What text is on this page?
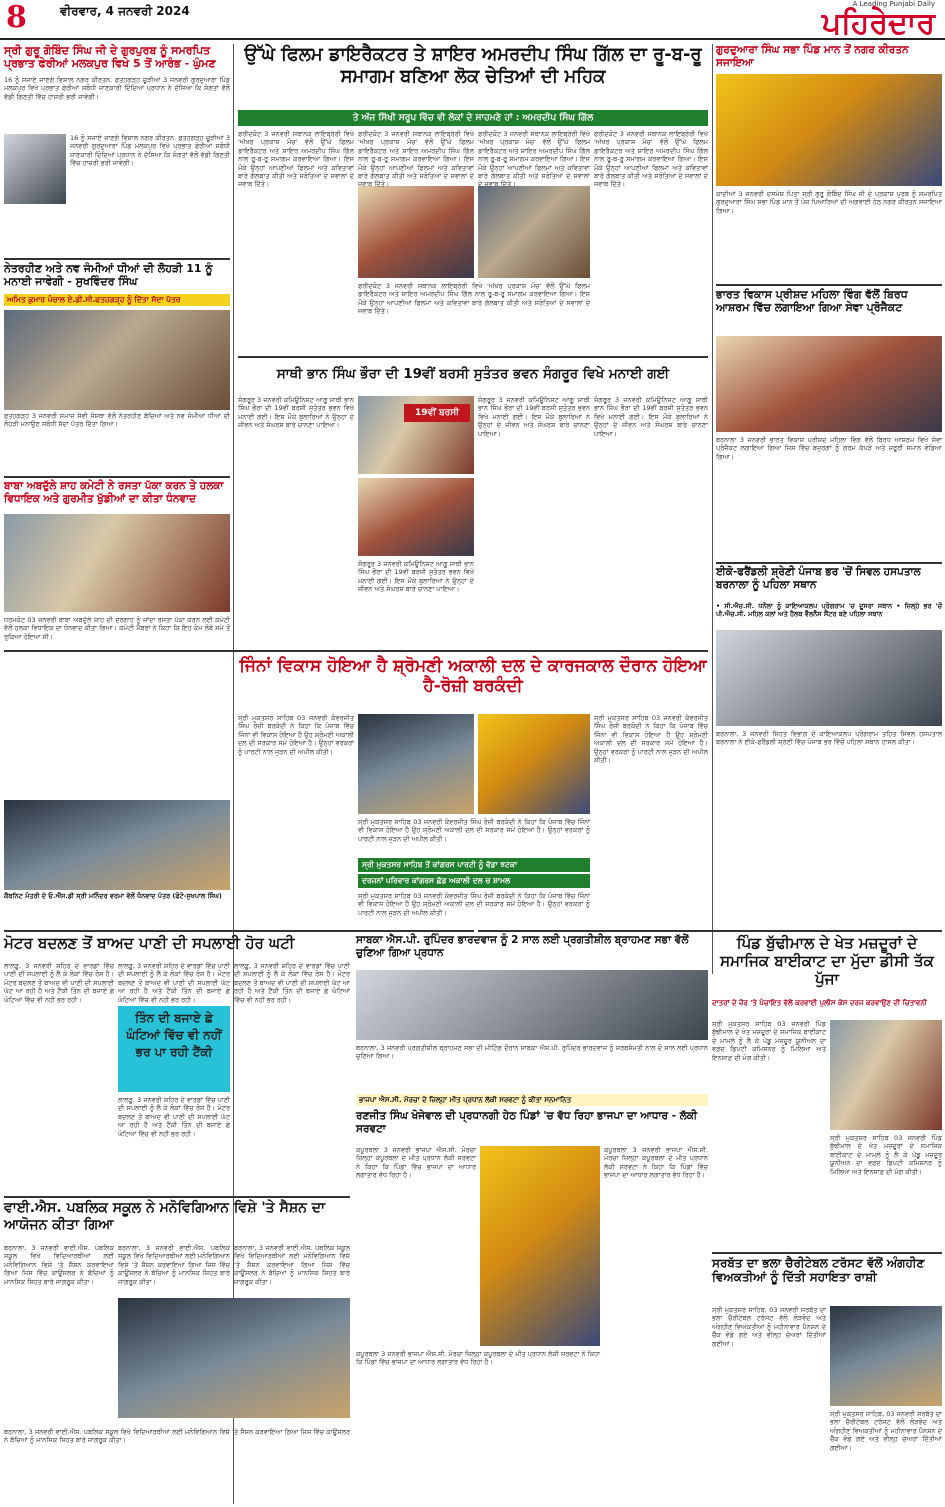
8	ਵੀਰਵਾਰ, 4 ਜਨਵਰੀ 2024	A Leading Punjabi Daily
ਪਹਿਰੇਦਾਰ
ਸ੍ਰੀ ਗੁਰੂ ਗੋਬਿੰਦ ਸਿੰਘ ਜੀ ਦੇ ਗੁਰਪੁਰਬ ਨੂੰ ਸਮਰਪਿਤ ਪ੍ਰਭਾਤ ਫੇਰੀਆਂ ਮਲਕਪੁਰ ਵਿਖੇ 5 ਤੋਂ ਆਰੰਭ - ਘੁੰਮਣ
16 ਨੂੰ ਸਜਾਏ ਜਾਣਗੇ ਵਿਸ਼ਾਲ ਨਗਰ ਕੀਰਤਨ. ਫਤਹਗੜ੍ਹ ਚੂੜੀਆਂ 3 ਜਨਵਰੀ ਗੁਰਦੁਆਰਾ ਪਿੰਡ ਮਲਕਪੁਰ ਵਿਖੇ ਪ੍ਰਭਾਤ ਫੇਰੀਆਂ ਸਬੰਧੀ ਜਾਣਕਾਰੀ ਦਿੰਦਿਆਂ ਪ੍ਰਧਾਨ ਨੇ ਦੱਸਿਆ ਕਿ ਸੰਗਤਾਂ ਵੱਲੋਂ ਵੱਡੀ ਗਿਣਤੀ ਵਿੱਚ ਹਾਜ਼ਰੀ ਭਰੀ ਜਾਵੇਗੀ।
16 ਨੂੰ ਸਜਾਏ ਜਾਣਗੇ ਵਿਸ਼ਾਲ ਨਗਰ ਕੀਰਤਨ. ਫਤਹਗੜ੍ਹ ਚੂੜੀਆਂ 3 ਜਨਵਰੀ ਗੁਰਦੁਆਰਾ ਪਿੰਡ ਮਲਕਪੁਰ ਵਿਖੇ ਪ੍ਰਭਾਤ ਫੇਰੀਆਂ ਸਬੰਧੀ ਜਾਣਕਾਰੀ ਦਿੰਦਿਆਂ ਪ੍ਰਧਾਨ ਨੇ ਦੱਸਿਆ ਕਿ ਸੰਗਤਾਂ ਵੱਲੋਂ ਵੱਡੀ ਗਿਣਤੀ ਵਿੱਚ ਹਾਜ਼ਰੀ ਭਰੀ ਜਾਵੇਗੀ।
ਨੇਤਰਹੀਣ ਅਤੇ ਨਵ ਜੰਮੀਆਂ ਧੀਆਂ ਦੀ ਲੋਹੜੀ 11 ਨੂੰ ਮਨਾਈ ਜਾਵੇਗੀ - ਸੁਖਵਿੰਦਰ ਸਿੰਘ
ਅਮਿਤ ਕੁਮਾਰ ਪੰਚਾਲ ਏ.ਡੀ.ਸੀ.ਫਤਹਗੜ੍ਹ ਨੂੰ ਦਿੱਤਾ ਸੱਦਾ ਪੱਤਰ
ਫਤਹਗੜ੍ਹ 3 ਜਨਵਰੀ ਸਮਾਜ ਸੇਵੀ ਸੰਸਥਾ ਵੱਲੋਂ ਨੇਤਰਹੀਣ ਬੱਚਿਆਂ ਅਤੇ ਨਵ ਜੰਮੀਆਂ ਧੀਆਂ ਦੀ ਲੋਹੜੀ ਮਨਾਉਣ ਸਬੰਧੀ ਸੱਦਾ ਪੱਤਰ ਦਿੱਤਾ ਗਿਆ।
ਬਾਬਾ ਅਬਦੁੱਲੇ ਸ਼ਾਹ ਕਮੇਟੀ ਨੇ ਰਸਤਾ ਪੱਕਾ ਕਰਨ ਤੇ ਹਲਕਾ ਵਿਧਾਇਕ ਅਤੇ ਗੁਰਮੀਤ ਖੁੱਡੀਆਂ ਦਾ ਕੀਤਾ ਧੰਨਵਾਦ
ਧਰਮਕੋਟ 03 ਜਨਵਰੀ ਬਾਬਾ ਅਬਦੁੱਲੇ ਸ਼ਾਹ ਦੀ ਦਰਗਾਹ ਨੂੰ ਜਾਂਦਾ ਰਸਤਾ ਪੱਕਾ ਕਰਨ ਲਈ ਕਮੇਟੀ ਵੱਲੋਂ ਹਲਕਾ ਵਿਧਾਇਕ ਦਾ ਧੰਨਵਾਦ ਕੀਤਾ ਗਿਆ। ਕਮੇਟੀ ਮੈਂਬਰਾਂ ਨੇ ਕਿਹਾ ਕਿ ਇਹ ਕੰਮ ਲੰਬੇ ਸਮੇਂ ਤੋਂ ਰੁਕਿਆ ਹੋਇਆ ਸੀ।
ਕੈਬਨਿਟ ਮੰਤਰੀ ਦੇ ਓ.ਐੱਸ.ਡੀ ਸ੍ਰੀ ਮਨਿੰਦਰ ਵਰਮਾ ਵੱਲੋਂ ਧੰਨਵਾਦ ਪੱਤਰ (ਫੋਟੋ-ਸੁਖਪਾਲ ਸਿੰਘ)
ਉੱਘੇ ਫਿਲਮ ਡਾਇਰੈਕਟਰ ਤੇ ਸ਼ਾਇਰ ਅਮਰਦੀਪ ਸਿੰਘ ਗਿੱਲ ਦਾ ਰੂ-ਬ-ਰੂ ਸਮਾਗਮ ਬਣਿਆ ਲੋਕ ਚੇਤਿਆਂ ਦੀ ਮਹਿਕ
ਤੇ ਅੱਜ ਸਿੱਖੀ ਸਰੂਪ ਵਿੱਚ ਵੀ ਲੋਕਾਂ ਦੇ ਸਾਹਮਣੇ ਹਾਂ : ਅਮਰਦੀਪ ਸਿੰਘ ਗਿੱਲ
ਫਰੀਦਕੋਟ 3 ਜਨਵਰੀ ਸਥਾਨਕ ਲਾਇਬ੍ਰੇਰੀ ਵਿਖੇ 'ਅੱਖਰ ਪ੍ਰਕਾਸ਼ ਮੰਚ' ਵੱਲੋਂ ਉੱਘੇ ਫਿਲਮ ਡਾਇਰੈਕਟਰ ਅਤੇ ਸ਼ਾਇਰ ਅਮਰਦੀਪ ਸਿੰਘ ਗਿੱਲ ਨਾਲ ਰੂ-ਬ-ਰੂ ਸਮਾਗਮ ਕਰਵਾਇਆ ਗਿਆ। ਇਸ ਮੌਕੇ ਉਨ੍ਹਾਂ ਆਪਣੀਆਂ ਫਿਲਮਾਂ ਅਤੇ ਕਵਿਤਾਵਾਂ ਬਾਰੇ ਗੱਲਬਾਤ ਕੀਤੀ ਅਤੇ ਸਰੋਤਿਆਂ ਦੇ ਸਵਾਲਾਂ ਦੇ ਜਵਾਬ ਦਿੱਤੇ।
ਫਰੀਦਕੋਟ 3 ਜਨਵਰੀ ਸਥਾਨਕ ਲਾਇਬ੍ਰੇਰੀ ਵਿਖੇ 'ਅੱਖਰ ਪ੍ਰਕਾਸ਼ ਮੰਚ' ਵੱਲੋਂ ਉੱਘੇ ਫਿਲਮ ਡਾਇਰੈਕਟਰ ਅਤੇ ਸ਼ਾਇਰ ਅਮਰਦੀਪ ਸਿੰਘ ਗਿੱਲ ਨਾਲ ਰੂ-ਬ-ਰੂ ਸਮਾਗਮ ਕਰਵਾਇਆ ਗਿਆ। ਇਸ ਮੌਕੇ ਉਨ੍ਹਾਂ ਆਪਣੀਆਂ ਫਿਲਮਾਂ ਅਤੇ ਕਵਿਤਾਵਾਂ ਬਾਰੇ ਗੱਲਬਾਤ ਕੀਤੀ ਅਤੇ ਸਰੋਤਿਆਂ ਦੇ ਸਵਾਲਾਂ ਦੇ ਜਵਾਬ ਦਿੱਤੇ।
ਫਰੀਦਕੋਟ 3 ਜਨਵਰੀ ਸਥਾਨਕ ਲਾਇਬ੍ਰੇਰੀ ਵਿਖੇ 'ਅੱਖਰ ਪ੍ਰਕਾਸ਼ ਮੰਚ' ਵੱਲੋਂ ਉੱਘੇ ਫਿਲਮ ਡਾਇਰੈਕਟਰ ਅਤੇ ਸ਼ਾਇਰ ਅਮਰਦੀਪ ਸਿੰਘ ਗਿੱਲ ਨਾਲ ਰੂ-ਬ-ਰੂ ਸਮਾਗਮ ਕਰਵਾਇਆ ਗਿਆ। ਇਸ ਮੌਕੇ ਉਨ੍ਹਾਂ ਆਪਣੀਆਂ ਫਿਲਮਾਂ ਅਤੇ ਕਵਿਤਾਵਾਂ ਬਾਰੇ ਗੱਲਬਾਤ ਕੀਤੀ ਅਤੇ ਸਰੋਤਿਆਂ ਦੇ ਸਵਾਲਾਂ ਦੇ ਜਵਾਬ ਦਿੱਤੇ।
ਫਰੀਦਕੋਟ 3 ਜਨਵਰੀ ਸਥਾਨਕ ਲਾਇਬ੍ਰੇਰੀ ਵਿਖੇ 'ਅੱਖਰ ਪ੍ਰਕਾਸ਼ ਮੰਚ' ਵੱਲੋਂ ਉੱਘੇ ਫਿਲਮ ਡਾਇਰੈਕਟਰ ਅਤੇ ਸ਼ਾਇਰ ਅਮਰਦੀਪ ਸਿੰਘ ਗਿੱਲ ਨਾਲ ਰੂ-ਬ-ਰੂ ਸਮਾਗਮ ਕਰਵਾਇਆ ਗਿਆ। ਇਸ ਮੌਕੇ ਉਨ੍ਹਾਂ ਆਪਣੀਆਂ ਫਿਲਮਾਂ ਅਤੇ ਕਵਿਤਾਵਾਂ ਬਾਰੇ ਗੱਲਬਾਤ ਕੀਤੀ ਅਤੇ ਸਰੋਤਿਆਂ ਦੇ ਸਵਾਲਾਂ ਦੇ ਜਵਾਬ ਦਿੱਤੇ।
ਫਰੀਦਕੋਟ 3 ਜਨਵਰੀ ਸਥਾਨਕ ਲਾਇਬ੍ਰੇਰੀ ਵਿਖੇ 'ਅੱਖਰ ਪ੍ਰਕਾਸ਼ ਮੰਚ' ਵੱਲੋਂ ਉੱਘੇ ਫਿਲਮ ਡਾਇਰੈਕਟਰ ਅਤੇ ਸ਼ਾਇਰ ਅਮਰਦੀਪ ਸਿੰਘ ਗਿੱਲ ਨਾਲ ਰੂ-ਬ-ਰੂ ਸਮਾਗਮ ਕਰਵਾਇਆ ਗਿਆ। ਇਸ ਮੌਕੇ ਉਨ੍ਹਾਂ ਆਪਣੀਆਂ ਫਿਲਮਾਂ ਅਤੇ ਕਵਿਤਾਵਾਂ ਬਾਰੇ ਗੱਲਬਾਤ ਕੀਤੀ ਅਤੇ ਸਰੋਤਿਆਂ ਦੇ ਸਵਾਲਾਂ ਦੇ ਜਵਾਬ ਦਿੱਤੇ।
ਸਾਥੀ ਭਾਨ ਸਿੰਘ ਭੌਰਾ ਦੀ 19ਵੀਂ ਬਰਸੀ ਸੁਤੰਤਰ ਭਵਨ ਸੰਗਰੂਰ ਵਿਖੇ ਮਨਾਈ ਗਈ
ਸੰਗਰੂਰ 3 ਜਨਵਰੀ ਕਮਿਊਨਿਸਟ ਆਗੂ ਸਾਥੀ ਭਾਨ ਸਿੰਘ ਭੌਰਾ ਦੀ 19ਵੀਂ ਬਰਸੀ ਸੁਤੰਤਰ ਭਵਨ ਵਿਖੇ ਮਨਾਈ ਗਈ। ਇਸ ਮੌਕੇ ਬੁਲਾਰਿਆਂ ਨੇ ਉਨ੍ਹਾਂ ਦੇ ਜੀਵਨ ਅਤੇ ਸੰਘਰਸ਼ ਬਾਰੇ ਚਾਨਣਾ ਪਾਇਆ।
19ਵੀਂ ਬਰਸੀ
ਸੰਗਰੂਰ 3 ਜਨਵਰੀ ਕਮਿਊਨਿਸਟ ਆਗੂ ਸਾਥੀ ਭਾਨ ਸਿੰਘ ਭੌਰਾ ਦੀ 19ਵੀਂ ਬਰਸੀ ਸੁਤੰਤਰ ਭਵਨ ਵਿਖੇ ਮਨਾਈ ਗਈ। ਇਸ ਮੌਕੇ ਬੁਲਾਰਿਆਂ ਨੇ ਉਨ੍ਹਾਂ ਦੇ ਜੀਵਨ ਅਤੇ ਸੰਘਰਸ਼ ਬਾਰੇ ਚਾਨਣਾ ਪਾਇਆ।
ਸੰਗਰੂਰ 3 ਜਨਵਰੀ ਕਮਿਊਨਿਸਟ ਆਗੂ ਸਾਥੀ ਭਾਨ ਸਿੰਘ ਭੌਰਾ ਦੀ 19ਵੀਂ ਬਰਸੀ ਸੁਤੰਤਰ ਭਵਨ ਵਿਖੇ ਮਨਾਈ ਗਈ। ਇਸ ਮੌਕੇ ਬੁਲਾਰਿਆਂ ਨੇ ਉਨ੍ਹਾਂ ਦੇ ਜੀਵਨ ਅਤੇ ਸੰਘਰਸ਼ ਬਾਰੇ ਚਾਨਣਾ ਪਾਇਆ।
ਸੰਗਰੂਰ 3 ਜਨਵਰੀ ਕਮਿਊਨਿਸਟ ਆਗੂ ਸਾਥੀ ਭਾਨ ਸਿੰਘ ਭੌਰਾ ਦੀ 19ਵੀਂ ਬਰਸੀ ਸੁਤੰਤਰ ਭਵਨ ਵਿਖੇ ਮਨਾਈ ਗਈ। ਇਸ ਮੌਕੇ ਬੁਲਾਰਿਆਂ ਨੇ ਉਨ੍ਹਾਂ ਦੇ ਜੀਵਨ ਅਤੇ ਸੰਘਰਸ਼ ਬਾਰੇ ਚਾਨਣਾ ਪਾਇਆ।
ਜਿੰਨਾਂ ਵਿਕਾਸ ਹੋਇਆ ਹੈ ਸ਼੍ਰੋਮਣੀ ਅਕਾਲੀ ਦਲ ਦੇ ਕਾਰਜਕਾਲ ਦੌਰਾਨ ਹੋਇਆ ਹੈ-ਰੋਜ਼ੀ ਬਰਕੰਦੀ
ਸ੍ਰੀ ਮੁਕਤਸਰ ਸਾਹਿਬ 03 ਜਨਵਰੀ ਕੰਵਰਜੀਤ ਸਿੰਘ ਰੋਜ਼ੀ ਬਰਕੰਦੀ ਨੇ ਕਿਹਾ ਕਿ ਪੰਜਾਬ ਵਿੱਚ ਜਿੰਨਾਂ ਵੀ ਵਿਕਾਸ ਹੋਇਆ ਹੈ ਉਹ ਸ਼੍ਰੋਮਣੀ ਅਕਾਲੀ ਦਲ ਦੀ ਸਰਕਾਰ ਸਮੇਂ ਹੋਇਆ ਹੈ। ਉਨ੍ਹਾਂ ਵਰਕਰਾਂ ਨੂੰ ਪਾਰਟੀ ਨਾਲ ਜੁੜਨ ਦੀ ਅਪੀਲ ਕੀਤੀ।
ਸ੍ਰੀ ਮੁਕਤਸਰ ਸਾਹਿਬ 03 ਜਨਵਰੀ ਕੰਵਰਜੀਤ ਸਿੰਘ ਰੋਜ਼ੀ ਬਰਕੰਦੀ ਨੇ ਕਿਹਾ ਕਿ ਪੰਜਾਬ ਵਿੱਚ ਜਿੰਨਾਂ ਵੀ ਵਿਕਾਸ ਹੋਇਆ ਹੈ ਉਹ ਸ਼੍ਰੋਮਣੀ ਅਕਾਲੀ ਦਲ ਦੀ ਸਰਕਾਰ ਸਮੇਂ ਹੋਇਆ ਹੈ। ਉਨ੍ਹਾਂ ਵਰਕਰਾਂ ਨੂੰ ਪਾਰਟੀ ਨਾਲ ਜੁੜਨ ਦੀ ਅਪੀਲ ਕੀਤੀ।
ਸ੍ਰੀ ਮੁਕਤਸਰ ਸਾਹਿਬ 03 ਜਨਵਰੀ ਕੰਵਰਜੀਤ ਸਿੰਘ ਰੋਜ਼ੀ ਬਰਕੰਦੀ ਨੇ ਕਿਹਾ ਕਿ ਪੰਜਾਬ ਵਿੱਚ ਜਿੰਨਾਂ ਵੀ ਵਿਕਾਸ ਹੋਇਆ ਹੈ ਉਹ ਸ਼੍ਰੋਮਣੀ ਅਕਾਲੀ ਦਲ ਦੀ ਸਰਕਾਰ ਸਮੇਂ ਹੋਇਆ ਹੈ। ਉਨ੍ਹਾਂ ਵਰਕਰਾਂ ਨੂੰ ਪਾਰਟੀ ਨਾਲ ਜੁੜਨ ਦੀ ਅਪੀਲ ਕੀਤੀ।
ਸ੍ਰੀ ਮੁਕਤਸਰ ਸਾਹਿਬ ਤੋਂ ਕਾਂਗਰਸ ਪਾਰਟੀ ਨੂੰ ਵੱਡਾ ਝਟਕਾ
ਦਰਜਨਾਂ ਪਰਿਵਾਰ ਕਾਂਗਰਸ ਛੱਡ ਅਕਾਲੀ ਦਲ ਚ ਸ਼ਾਮਲ
ਸ੍ਰੀ ਮੁਕਤਸਰ ਸਾਹਿਬ 03 ਜਨਵਰੀ ਕੰਵਰਜੀਤ ਸਿੰਘ ਰੋਜ਼ੀ ਬਰਕੰਦੀ ਨੇ ਕਿਹਾ ਕਿ ਪੰਜਾਬ ਵਿੱਚ ਜਿੰਨਾਂ ਵੀ ਵਿਕਾਸ ਹੋਇਆ ਹੈ ਉਹ ਸ਼੍ਰੋਮਣੀ ਅਕਾਲੀ ਦਲ ਦੀ ਸਰਕਾਰ ਸਮੇਂ ਹੋਇਆ ਹੈ। ਉਨ੍ਹਾਂ ਵਰਕਰਾਂ ਨੂੰ ਪਾਰਟੀ ਨਾਲ ਜੁੜਨ ਦੀ ਅਪੀਲ ਕੀਤੀ।
ਮੋਟਰ ਬਦਲਣ ਤੋਂ ਬਾਅਦ ਪਾਣੀ ਦੀ ਸਪਲਾਈ ਹੋਰ ਘਟੀ
ਲਾਲੜੂ, 3 ਜਨਵਰੀ ਸ਼ਹਿਰ ਦੇ ਵਾਰਡਾਂ ਵਿੱਚ ਪਾਣੀ ਦੀ ਸਪਲਾਈ ਨੂੰ ਲੈ ਕੇ ਲੋਕਾਂ ਵਿੱਚ ਰੋਸ ਹੈ। ਮੋਟਰ ਬਦਲਣ ਤੋਂ ਬਾਅਦ ਵੀ ਪਾਣੀ ਦੀ ਸਪਲਾਈ ਘੱਟ ਆ ਰਹੀ ਹੈ ਅਤੇ ਟੈਂਕੀ ਤਿੰਨ ਦੀ ਬਜਾਏ ਛੇ ਘੰਟਿਆਂ ਵਿੱਚ ਵੀ ਨਹੀਂ ਭਰ ਰਹੀ।
ਲਾਲੜੂ, 3 ਜਨਵਰੀ ਸ਼ਹਿਰ ਦੇ ਵਾਰਡਾਂ ਵਿੱਚ ਪਾਣੀ ਦੀ ਸਪਲਾਈ ਨੂੰ ਲੈ ਕੇ ਲੋਕਾਂ ਵਿੱਚ ਰੋਸ ਹੈ। ਮੋਟਰ ਬਦਲਣ ਤੋਂ ਬਾਅਦ ਵੀ ਪਾਣੀ ਦੀ ਸਪਲਾਈ ਘੱਟ ਆ ਰਹੀ ਹੈ ਅਤੇ ਟੈਂਕੀ ਤਿੰਨ ਦੀ ਬਜਾਏ ਛੇ ਘੰਟਿਆਂ ਵਿੱਚ ਵੀ ਨਹੀਂ ਭਰ ਰਹੀ।
ਤਿੰਨ ਦੀ ਬਜਾਏ ਛੇ ਘੰਟਿਆਂ ਵਿੱਚ ਵੀ ਨਹੀਂ ਭਰ ਪਾ ਰਹੀ ਟੈਂਕੀ
ਲਾਲੜੂ, 3 ਜਨਵਰੀ ਸ਼ਹਿਰ ਦੇ ਵਾਰਡਾਂ ਵਿੱਚ ਪਾਣੀ ਦੀ ਸਪਲਾਈ ਨੂੰ ਲੈ ਕੇ ਲੋਕਾਂ ਵਿੱਚ ਰੋਸ ਹੈ। ਮੋਟਰ ਬਦਲਣ ਤੋਂ ਬਾਅਦ ਵੀ ਪਾਣੀ ਦੀ ਸਪਲਾਈ ਘੱਟ ਆ ਰਹੀ ਹੈ ਅਤੇ ਟੈਂਕੀ ਤਿੰਨ ਦੀ ਬਜਾਏ ਛੇ ਘੰਟਿਆਂ ਵਿੱਚ ਵੀ ਨਹੀਂ ਭਰ ਰਹੀ।
ਲਾਲੜੂ, 3 ਜਨਵਰੀ ਸ਼ਹਿਰ ਦੇ ਵਾਰਡਾਂ ਵਿੱਚ ਪਾਣੀ ਦੀ ਸਪਲਾਈ ਨੂੰ ਲੈ ਕੇ ਲੋਕਾਂ ਵਿੱਚ ਰੋਸ ਹੈ। ਮੋਟਰ ਬਦਲਣ ਤੋਂ ਬਾਅਦ ਵੀ ਪਾਣੀ ਦੀ ਸਪਲਾਈ ਘੱਟ ਆ ਰਹੀ ਹੈ ਅਤੇ ਟੈਂਕੀ ਤਿੰਨ ਦੀ ਬਜਾਏ ਛੇ ਘੰਟਿਆਂ ਵਿੱਚ ਵੀ ਨਹੀਂ ਭਰ ਰਹੀ।
ਸਾਬਕਾ ਐਸ.ਪੀ. ਰੁਪਿੰਦਰ ਭਾਰਦਵਾਜ ਨੂੰ 2 ਸਾਲ ਲਈ ਪ੍ਰਗਤੀਸ਼ੀਲ ਬ੍ਰਾਹਮਣ ਸਭਾ ਵੱਲੋਂ ਚੁਣਿਆ ਗਿਆ ਪ੍ਰਧਾਨ
ਬਰਨਾਲਾ, 3 ਜਨਵਰੀ ਪ੍ਰਗਤੀਸ਼ੀਲ ਬ੍ਰਾਹਮਣ ਸਭਾ ਦੀ ਮੀਟਿੰਗ ਦੌਰਾਨ ਸਾਬਕਾ ਐਸ.ਪੀ. ਰੁਪਿੰਦਰ ਭਾਰਦਵਾਜ ਨੂੰ ਸਰਬਸੰਮਤੀ ਨਾਲ ਦੋ ਸਾਲ ਲਈ ਪ੍ਰਧਾਨ ਚੁਣਿਆ ਗਿਆ।
ਭਾਜਪਾ ਐਸ.ਸੀ. ਮੋਰਚਾ ਦੇ ਜ਼ਿਲ੍ਹਾ ਮੀਤ ਪ੍ਰਧਾਨ ਲੱਕੀ ਸਰਵਟਾ ਨੂੰ ਕੀਤਾ ਸਨਮਾਨਿਤ
ਰਣਜੀਤ ਸਿੰਘ ਖੋਜੇਵਾਲ ਦੀ ਪ੍ਰਧਾਨਗੀ ਹੇਠ ਪਿੰਡਾਂ 'ਚ ਵੱਧ ਰਿਹਾ ਭਾਜਪਾ ਦਾ ਆਧਾਰ - ਲੱਕੀ ਸਰਵਟਾ
ਕਪੂਰਥਲਾ 3 ਜਨਵਰੀ ਭਾਜਪਾ ਐਸ.ਸੀ. ਮੋਰਚਾ ਜ਼ਿਲ੍ਹਾ ਕਪੂਰਥਲਾ ਦੇ ਮੀਤ ਪ੍ਰਧਾਨ ਲੱਕੀ ਸਰਵਟਾ ਨੇ ਕਿਹਾ ਕਿ ਪਿੰਡਾਂ ਵਿੱਚ ਭਾਜਪਾ ਦਾ ਆਧਾਰ ਲਗਾਤਾਰ ਵੱਧ ਰਿਹਾ ਹੈ।
ਕਪੂਰਥਲਾ 3 ਜਨਵਰੀ ਭਾਜਪਾ ਐਸ.ਸੀ. ਮੋਰਚਾ ਜ਼ਿਲ੍ਹਾ ਕਪੂਰਥਲਾ ਦੇ ਮੀਤ ਪ੍ਰਧਾਨ ਲੱਕੀ ਸਰਵਟਾ ਨੇ ਕਿਹਾ ਕਿ ਪਿੰਡਾਂ ਵਿੱਚ ਭਾਜਪਾ ਦਾ ਆਧਾਰ ਲਗਾਤਾਰ ਵੱਧ ਰਿਹਾ ਹੈ।
ਕਪੂਰਥਲਾ 3 ਜਨਵਰੀ ਭਾਜਪਾ ਐਸ.ਸੀ. ਮੋਰਚਾ ਜ਼ਿਲ੍ਹਾ ਕਪੂਰਥਲਾ ਦੇ ਮੀਤ ਪ੍ਰਧਾਨ ਲੱਕੀ ਸਰਵਟਾ ਨੇ ਕਿਹਾ ਕਿ ਪਿੰਡਾਂ ਵਿੱਚ ਭਾਜਪਾ ਦਾ ਆਧਾਰ ਲਗਾਤਾਰ ਵੱਧ ਰਿਹਾ ਹੈ।
ਵਾਈ.ਐਸ. ਪਬਲਿਕ ਸਕੂਲ ਨੇ ਮਨੋਵਿਗਿਆਨ ਵਿਸ਼ੇ 'ਤੇ ਸੈਸ਼ਨ ਦਾ ਆਯੋਜਨ ਕੀਤਾ ਗਿਆ
ਬਰਨਾਲਾ, 3 ਜਨਵਰੀ ਵਾਈ.ਐਸ. ਪਬਲਿਕ ਸਕੂਲ ਵਿਖੇ ਵਿਦਿਆਰਥੀਆਂ ਲਈ ਮਨੋਵਿਗਿਆਨ ਵਿਸ਼ੇ 'ਤੇ ਸੈਸ਼ਨ ਕਰਵਾਇਆ ਗਿਆ ਜਿਸ ਵਿੱਚ ਕਾਊਂਸਲਰ ਨੇ ਬੱਚਿਆਂ ਨੂੰ ਮਾਨਸਿਕ ਸਿਹਤ ਬਾਰੇ ਜਾਗਰੂਕ ਕੀਤਾ।
ਬਰਨਾਲਾ, 3 ਜਨਵਰੀ ਵਾਈ.ਐਸ. ਪਬਲਿਕ ਸਕੂਲ ਵਿਖੇ ਵਿਦਿਆਰਥੀਆਂ ਲਈ ਮਨੋਵਿਗਿਆਨ ਵਿਸ਼ੇ 'ਤੇ ਸੈਸ਼ਨ ਕਰਵਾਇਆ ਗਿਆ ਜਿਸ ਵਿੱਚ ਕਾਊਂਸਲਰ ਨੇ ਬੱਚਿਆਂ ਨੂੰ ਮਾਨਸਿਕ ਸਿਹਤ ਬਾਰੇ ਜਾਗਰੂਕ ਕੀਤਾ।
ਬਰਨਾਲਾ, 3 ਜਨਵਰੀ ਵਾਈ.ਐਸ. ਪਬਲਿਕ ਸਕੂਲ ਵਿਖੇ ਵਿਦਿਆਰਥੀਆਂ ਲਈ ਮਨੋਵਿਗਿਆਨ ਵਿਸ਼ੇ 'ਤੇ ਸੈਸ਼ਨ ਕਰਵਾਇਆ ਗਿਆ ਜਿਸ ਵਿੱਚ ਕਾਊਂਸਲਰ ਨੇ ਬੱਚਿਆਂ ਨੂੰ ਮਾਨਸਿਕ ਸਿਹਤ ਬਾਰੇ ਜਾਗਰੂਕ ਕੀਤਾ।
ਬਰਨਾਲਾ, 3 ਜਨਵਰੀ ਵਾਈ.ਐਸ. ਪਬਲਿਕ ਸਕੂਲ ਵਿਖੇ ਵਿਦਿਆਰਥੀਆਂ ਲਈ ਮਨੋਵਿਗਿਆਨ ਵਿਸ਼ੇ 'ਤੇ ਸੈਸ਼ਨ ਕਰਵਾਇਆ ਗਿਆ ਜਿਸ ਵਿੱਚ ਕਾਊਂਸਲਰ ਨੇ ਬੱਚਿਆਂ ਨੂੰ ਮਾਨਸਿਕ ਸਿਹਤ ਬਾਰੇ ਜਾਗਰੂਕ ਕੀਤਾ।
ਗੁਰਦੁਆਰਾ ਸਿੰਘ ਸਭਾ ਪਿੰਡ ਮਾਨ ਤੋਂ ਨਗਰ ਕੀਰਤਨ ਸਜਾਇਆ
ਕਾਦੀਆਂ 3 ਜਨਵਰੀ ਦਸਮੇਸ਼ ਪਿਤਾ ਸ੍ਰੀ ਗੁਰੂ ਗੋਬਿੰਦ ਸਿੰਘ ਜੀ ਦੇ ਪ੍ਰਕਾਸ਼ ਪੁਰਬ ਨੂੰ ਸਮਰਪਿਤ ਗੁਰਦੁਆਰਾ ਸਿੰਘ ਸਭਾ ਪਿੰਡ ਮਾਨ ਤੋਂ ਪੰਜ ਪਿਆਰਿਆਂ ਦੀ ਅਗਵਾਈ ਹੇਠ ਨਗਰ ਕੀਰਤਨ ਸਜਾਇਆ ਗਿਆ।
ਭਾਰਤ ਵਿਕਾਸ ਪ੍ਰੀਸ਼ਦ ਮਹਿਲਾ ਵਿੰਗ ਵੱਲੋਂ ਬਿਰਧ ਆਸ਼ਰਮ ਵਿੱਚ ਲਗਾਇਆ ਗਿਆ ਸੇਵਾ ਪ੍ਰੋਜੈਕਟ
ਬਰਨਾਲਾ 3 ਜਨਵਰੀ ਭਾਰਤ ਵਿਕਾਸ ਪ੍ਰੀਸ਼ਦ ਮਹਿਲਾ ਵਿੰਗ ਵੱਲੋਂ ਬਿਰਧ ਆਸ਼ਰਮ ਵਿਖੇ ਸੇਵਾ ਪ੍ਰੋਜੈਕਟ ਲਗਾਇਆ ਗਿਆ ਜਿਸ ਵਿੱਚ ਬਜ਼ੁਰਗਾਂ ਨੂੰ ਗਰਮ ਕੱਪੜੇ ਅਤੇ ਜ਼ਰੂਰੀ ਸਮਾਨ ਵੰਡਿਆ ਗਿਆ।
ਈਕੋ-ਫਰੈਂਡਲੀ ਸ਼੍ਰੇਣੀ ਪੰਜਾਬ ਭਰ 'ਚੋਂ ਸਿਵਲ ਹਸਪਤਾਲ ਬਰਨਾਲਾ ਨੂੰ ਪਹਿਲਾ ਸਥਾਨ
• ਸੀ.ਐਚ.ਸੀ. ਧਨੌਲਾ ਨੂੰ ਕਾਇਆਕਲਪ ਪ੍ਰੋਗਰਾਮ 'ਚ ਦੂਸਰਾ ਸਥਾਨ • ਜ਼ਿਲ੍ਹੇ ਭਰ 'ਚੋਂ ਪੀ.ਐਚ.ਸੀ. ਮਹਿਲ ਕਲਾਂ ਅਤੇ ਹੈਲਥ ਵੈੱਲਨੈੱਸ ਸੈਂਟਰ ਬਣੇ ਪਹਿਲਾ ਸਥਾਨ
ਬਰਨਾਲਾ, 3 ਜਨਵਰੀ ਸਿਹਤ ਵਿਭਾਗ ਦੇ ਕਾਇਆਕਲਪ ਪ੍ਰੋਗਰਾਮ ਤਹਿਤ ਸਿਵਲ ਹਸਪਤਾਲ ਬਰਨਾਲਾ ਨੇ ਈਕੋ-ਫਰੈਂਡਲੀ ਸ਼੍ਰੇਣੀ ਵਿੱਚ ਪੰਜਾਬ ਭਰ ਵਿੱਚੋਂ ਪਹਿਲਾ ਸਥਾਨ ਹਾਸਲ ਕੀਤਾ।
ਪਿੰਡ ਬੁੱਢੀਮਾਲ ਦੇ ਖੇਤ ਮਜ਼ਦੂਰਾਂ ਦੇ ਸਮਾਜਿਕ ਬਾਈਕਾਟ ਦਾ ਮੁੱਦਾ ਡੀਸੀ ਤੱਕ ਪੁੱਜਾ
ਦਾਤਰਾਂ ਦੇ ਜ਼ੋਰ 'ਤੇ ਪੰਚਾਇਤ ਵੱਲੋਂ ਕਰਵਾਈ ਪੁਲੀਸ ਕੇਸ ਦਰਜ ਕਰਵਾਉਣ ਦੀ ਚਿਤਾਵਨੀ
ਸ੍ਰੀ ਮੁਕਤਸਰ ਸਾਹਿਬ 03 ਜਨਵਰੀ ਪਿੰਡ ਬੁੱਢੀਮਾਲ ਦੇ ਖੇਤ ਮਜ਼ਦੂਰਾਂ ਦੇ ਸਮਾਜਿਕ ਬਾਈਕਾਟ ਦੇ ਮਾਮਲੇ ਨੂੰ ਲੈ ਕੇ ਪੇਂਡੂ ਮਜ਼ਦੂਰ ਯੂਨੀਅਨ ਦਾ ਵਫ਼ਦ ਡਿਪਟੀ ਕਮਿਸ਼ਨਰ ਨੂੰ ਮਿਲਿਆ ਅਤੇ ਇਨਸਾਫ਼ ਦੀ ਮੰਗ ਕੀਤੀ।
ਸ੍ਰੀ ਮੁਕਤਸਰ ਸਾਹਿਬ 03 ਜਨਵਰੀ ਪਿੰਡ ਬੁੱਢੀਮਾਲ ਦੇ ਖੇਤ ਮਜ਼ਦੂਰਾਂ ਦੇ ਸਮਾਜਿਕ ਬਾਈਕਾਟ ਦੇ ਮਾਮਲੇ ਨੂੰ ਲੈ ਕੇ ਪੇਂਡੂ ਮਜ਼ਦੂਰ ਯੂਨੀਅਨ ਦਾ ਵਫ਼ਦ ਡਿਪਟੀ ਕਮਿਸ਼ਨਰ ਨੂੰ ਮਿਲਿਆ ਅਤੇ ਇਨਸਾਫ਼ ਦੀ ਮੰਗ ਕੀਤੀ।
ਸਰਬੱਤ ਦਾ ਭਲਾ ਚੈਰੀਟੇਬਲ ਟਰੱਸਟ ਵੱਲੋਂ ਅੰਗਹੀਣ ਵਿਅਕਤੀਆਂ ਨੂੰ ਦਿੱਤੀ ਸਹਾਇਤਾ ਰਾਸ਼ੀ
ਸ੍ਰੀ ਮੁਕਤਸਰ ਸਾਹਿਬ, 03 ਜਨਵਰੀ ਸਰਬੱਤ ਦਾ ਭਲਾ ਚੈਰੀਟੇਬਲ ਟਰੱਸਟ ਵੱਲੋਂ ਲੋੜਵੰਦ ਅਤੇ ਅੰਗਹੀਣ ਵਿਅਕਤੀਆਂ ਨੂੰ ਮਹੀਨਾਵਾਰ ਪੈਨਸ਼ਨ ਦੇ ਚੈੱਕ ਵੰਡੇ ਗਏ ਅਤੇ ਵੀਲ੍ਹ ਚੇਅਰਾਂ ਦਿੱਤੀਆਂ ਗਈਆਂ।
ਸ੍ਰੀ ਮੁਕਤਸਰ ਸਾਹਿਬ, 03 ਜਨਵਰੀ ਸਰਬੱਤ ਦਾ ਭਲਾ ਚੈਰੀਟੇਬਲ ਟਰੱਸਟ ਵੱਲੋਂ ਲੋੜਵੰਦ ਅਤੇ ਅੰਗਹੀਣ ਵਿਅਕਤੀਆਂ ਨੂੰ ਮਹੀਨਾਵਾਰ ਪੈਨਸ਼ਨ ਦੇ ਚੈੱਕ ਵੰਡੇ ਗਏ ਅਤੇ ਵੀਲ੍ਹ ਚੇਅਰਾਂ ਦਿੱਤੀਆਂ ਗਈਆਂ।
